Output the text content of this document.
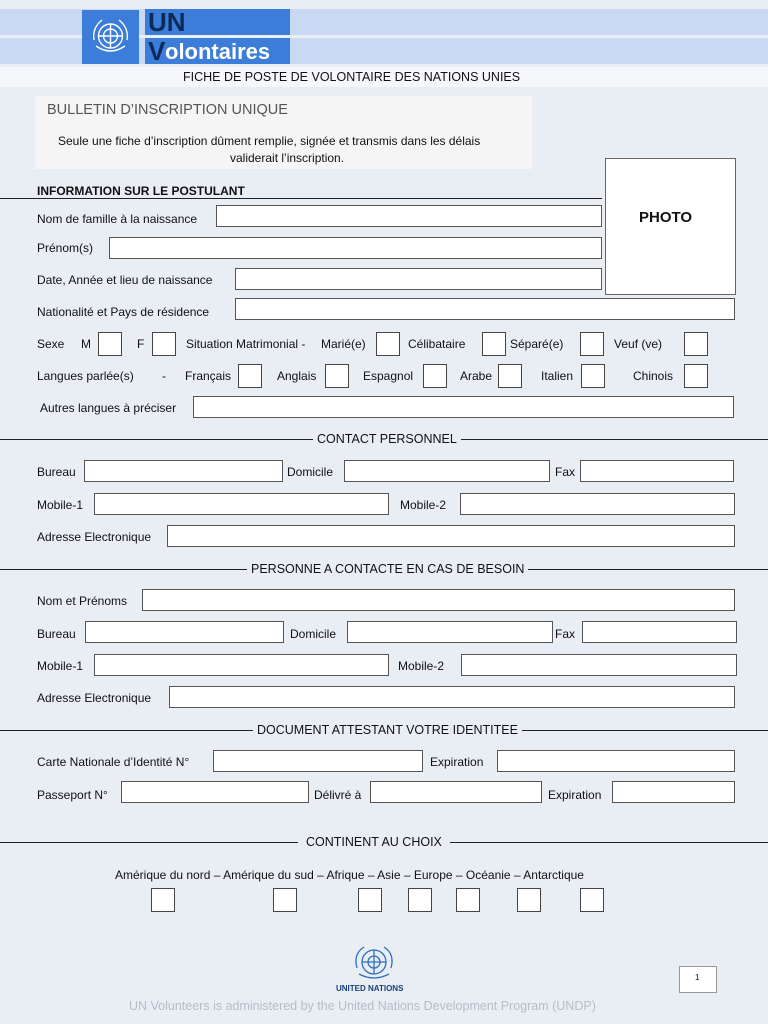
UN
V olontaires
FICHE DE POSTE DE VOLONTAIRE DES NATIONS UNIES
BULLETIN D’INSCRIPTION UNIQUE
Seule une fiche d’inscription dûment remplie, signée et transmis dans les délais
validerait l’inscription.
PHOTO
INFORMATION SUR LE POSTULANT
Nom de famille à la naissance
Prénom(s)
Date, Année et lieu de naissance
Nationalité et Pays de résidence
Sexe M	F	Situation Matrimonial - Marié(e)	Célibataire	Séparé(e)	Veuf (ve)
Langues parlée(s) - Français	Anglais	Espagnol	Arabe	Italien	Chinois
Autres langues à préciser
CONTACT PERSONNEL
Bureau	Domicile	Fax
Mobile-1	Mobile-2
Adresse Electronique
PERSONNE A CONTACTE EN CAS DE BESOIN
Nom et Prénoms
Bureau	Domicile	Fax
Mobile-1	Mobile-2
Adresse Electronique
DOCUMENT ATTESTANT VOTRE IDENTITEE
Carte Nationale d’Identité N°	Expiration
Passeport N°	Délivré à	Expiration
CONTINENT AU CHOIX
Amérique du nord – Amérique du sud – Afrique – Asie – Europe – Océanie – Antarctique
UNITED NATIONS
1
UN Volunteers is administered by the United Nations Development Program (UNDP)
